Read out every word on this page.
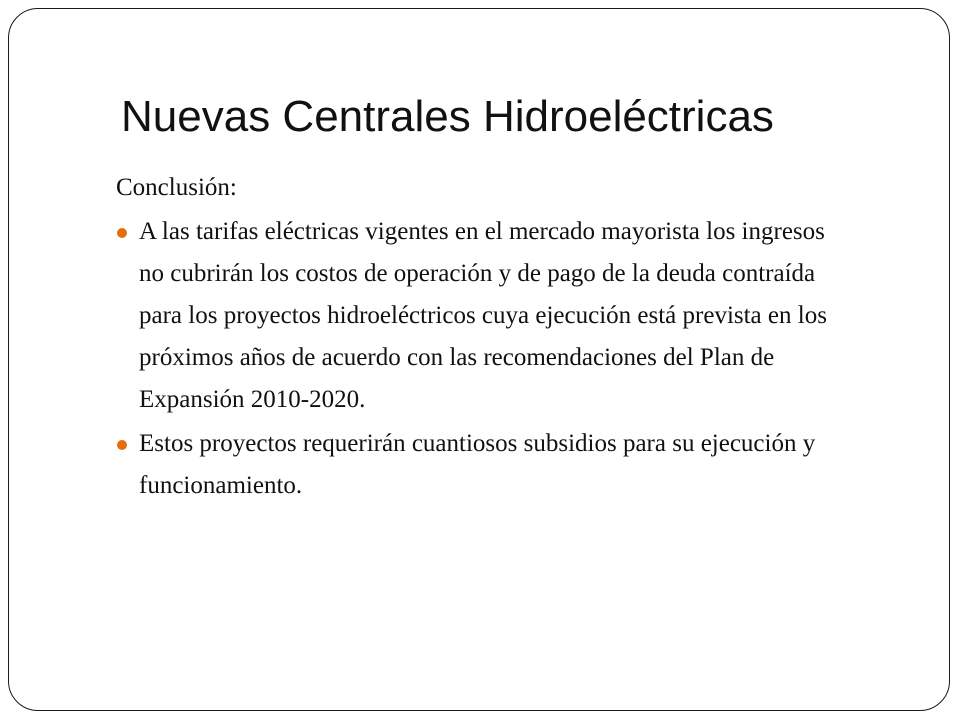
Nuevas Centrales Hidroeléctricas
Conclusión:
A las tarifas eléctricas vigentes en el mercado mayorista los ingresos no cubrirán los costos de operación y de pago de la deuda contraída para los proyectos hidroeléctricos cuya ejecución está prevista en los próximos años de acuerdo con las recomendaciones del Plan de Expansión 2010-2020.
Estos proyectos requerirán cuantiosos subsidios para su ejecución y funcionamiento.
